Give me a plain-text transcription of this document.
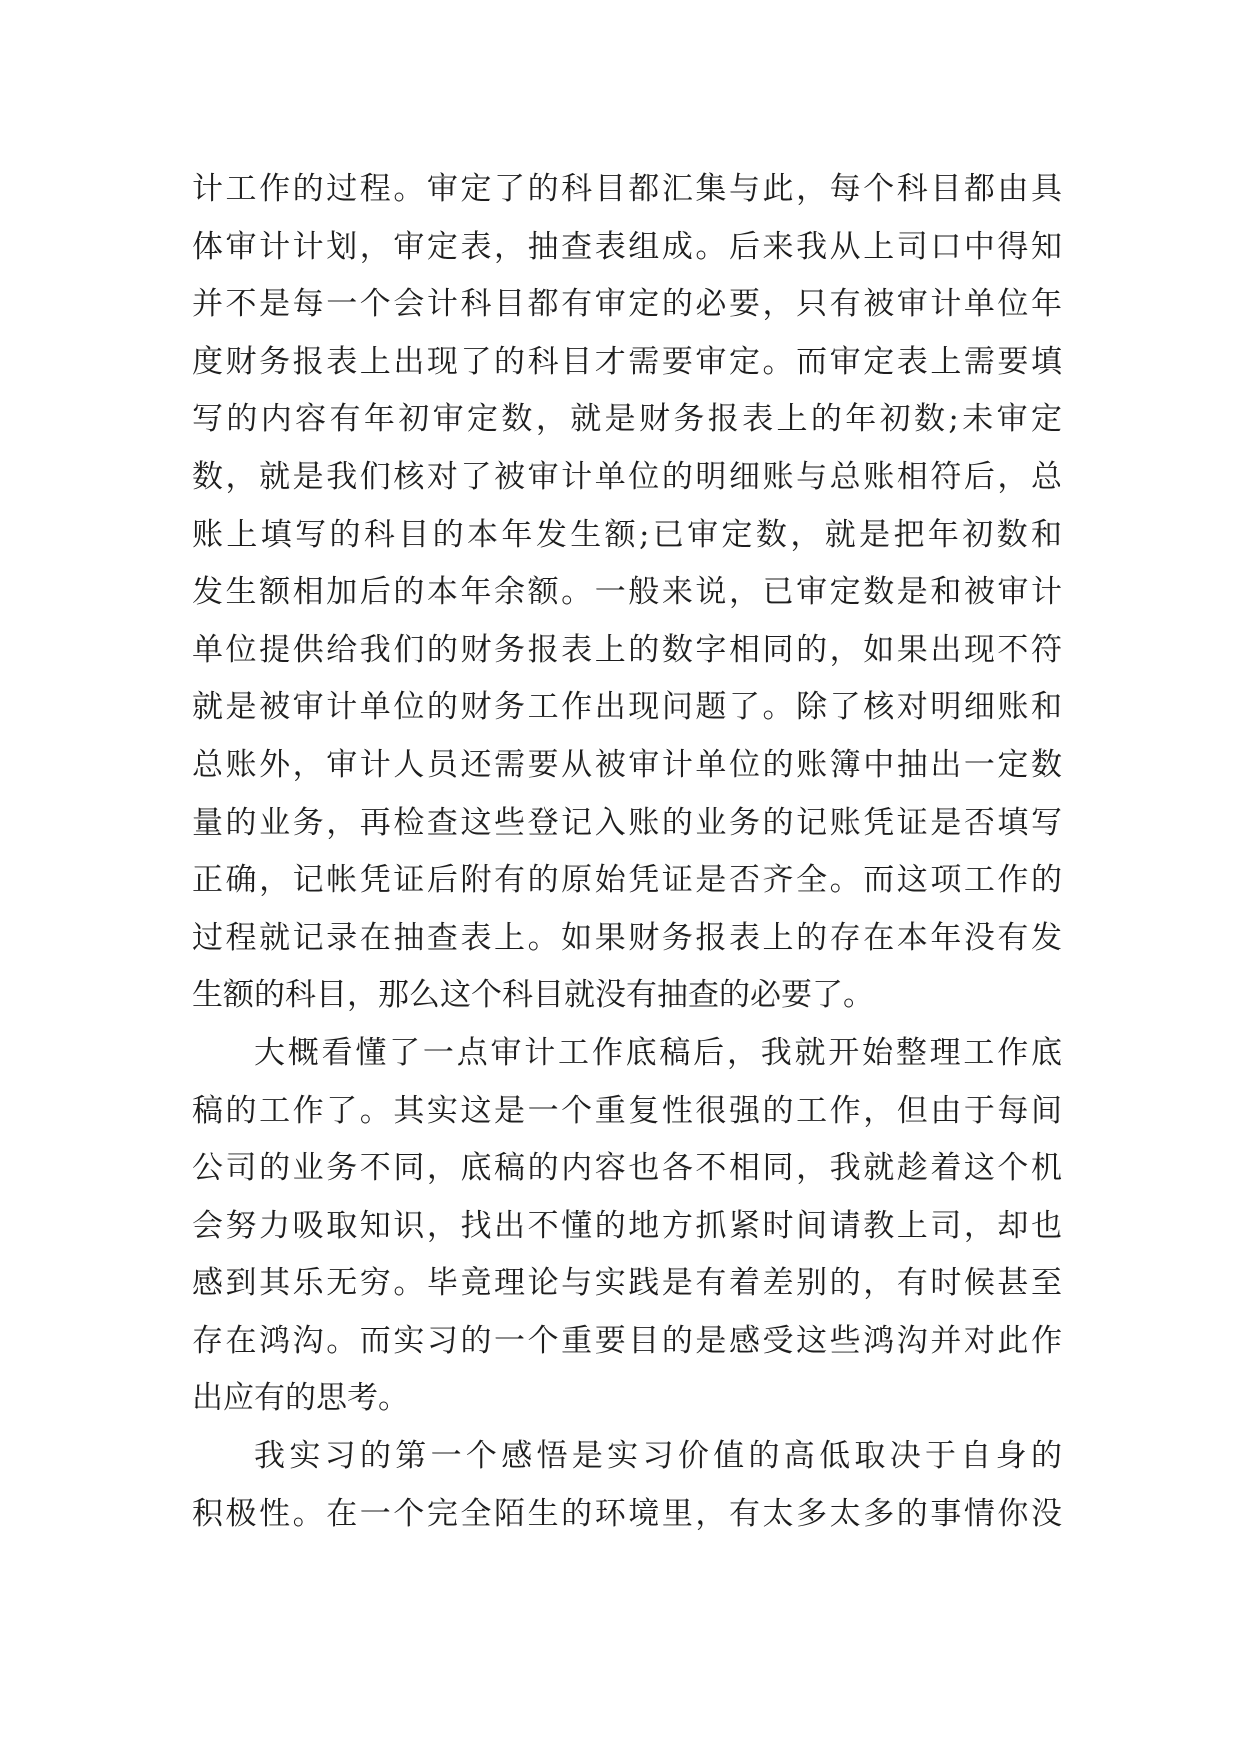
计工作的过程。审定了的科目都汇集与此，每个科目都由具
体审计计划，审定表，抽查表组成。后来我从上司口中得知
并不是每一个会计科目都有审定的必要，只有被审计单位年
度财务报表上出现了的科目才需要审定。而审定表上需要填
写的内容有年初审定数，就是财务报表上的年初数;未审定
数，就是我们核对了被审计单位的明细账与总账相符后，总
账上填写的科目的本年发生额;已审定数，就是把年初数和
发生额相加后的本年余额。一般来说，已审定数是和被审计
单位提供给我们的财务报表上的数字相同的，如果出现不符
就是被审计单位的财务工作出现问题了。除了核对明细账和
总账外，审计人员还需要从被审计单位的账簿中抽出一定数
量的业务，再检查这些登记入账的业务的记账凭证是否填写
正确，记帐凭证后附有的原始凭证是否齐全。而这项工作的
过程就记录在抽查表上。如果财务报表上的存在本年没有发
生额的科目，那么这个科目就没有抽查的必要了。
大概看懂了一点审计工作底稿后，我就开始整理工作底
稿的工作了。其实这是一个重复性很强的工作，但由于每间
公司的业务不同，底稿的内容也各不相同，我就趁着这个机
会努力吸取知识，找出不懂的地方抓紧时间请教上司，却也
感到其乐无穷。毕竟理论与实践是有着差别的，有时候甚至
存在鸿沟。而实习的一个重要目的是感受这些鸿沟并对此作
出应有的思考。
我实习的第一个感悟是实习价值的高低取决于自身的
积极性。在一个完全陌生的环境里，有太多太多的事情你没
